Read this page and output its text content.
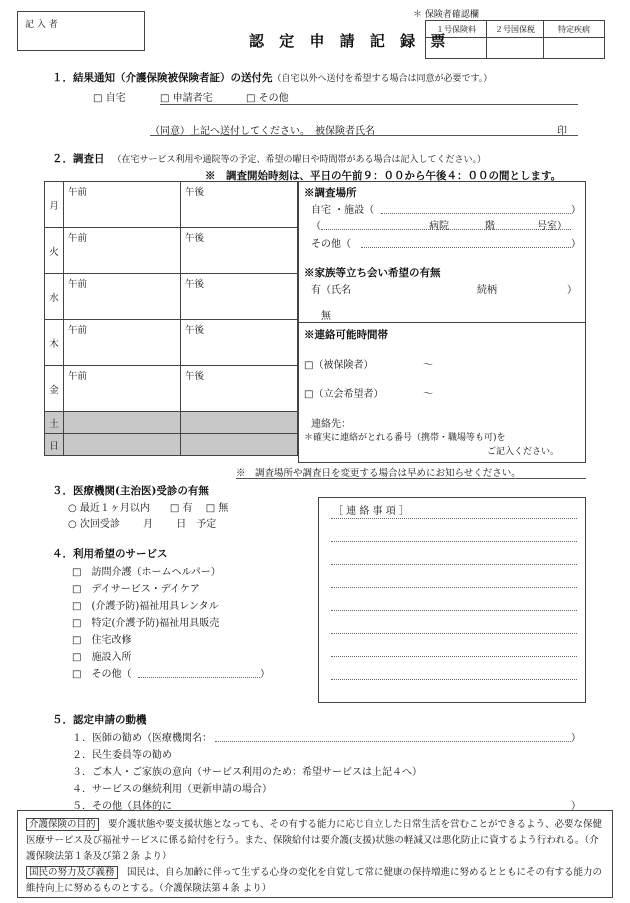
記 入 者
＊ 保険者確認欄
１号保険料	２号国保税	特定疾病

認 定 申 請 記 録 票
１．結果通知（介護保険被保険者証）の送付先（自宅以外へ送付を希望する場合は同意が必要です。）
□ 自宅	□ 申請者宅	□ その他
（同意）上記へ送付してください。　被保険者氏名	印
２．調査日 （在宅サービス利用や通院等の予定、希望の曜日や時間帯がある場合は記入してください。）
※　調査開始時刻は、平日の午前９：００から午後４：００の間とします。
月	午前	午後
火	午前	午後
水	午前	午後
木	午前	午後
金	午前	午後
土		
日		
※調査場所
自宅 ・施設（	）
（	病院	階	号室）
その他（	）
※家族等立ち会い希望の有無
有（氏名	続柄	）
無
※連絡可能時間帯
□（被保険者）	～
□（立会希望者）	～
連絡先：
＊確実に連絡がとれる番号（携帯・職場等も可)を
ご記入ください。
※　調査場所や調査日を変更する場合は早めにお知らせください。
３．医療機関(主治医)受診の有無
○ 最近１ヶ月以内　　□ 有　 □ 無
○ 次回受診　　 月　　 日　予定
［ 連 絡 事 項 ］
４．利用希望のサービス
□　訪問介護（ホームヘルパー）
□　デイサービス・デイケア
□　(介護予防)福祉用具レンタル
□　特定(介護予防)福祉用具販売
□　住宅改修
□　施設入所
□　その他（	）
５．認定申請の動機
１．医師の勧め（医療機関名：	）
２．民生委員等の勧め
３．ご本人・ご家族の意向（サービス利用のため：希望サービスは上記４へ）
４．サービスの継続利用（更新申請の場合）
５．その他（具体的に	）
介護保険の目的　要介護状態や要支援状態となっても、その有する能力に応じ自立した日常生活を営むことができるよう、必要な保健医療サービス及び福祉サービスに係る給付を行う。また、保険給付は要介護(支援)状態の軽減又は悪化防止に資するよう行われる。（介護保険法第１条及び第２条 より）
国民の努力及び義務　国民は、自ら加齢に伴って生ずる心身の変化を自覚して常に健康の保持増進に努めるとともにその有する能力の維持向上に努めるものとする。（介護保険法第４条 より）
